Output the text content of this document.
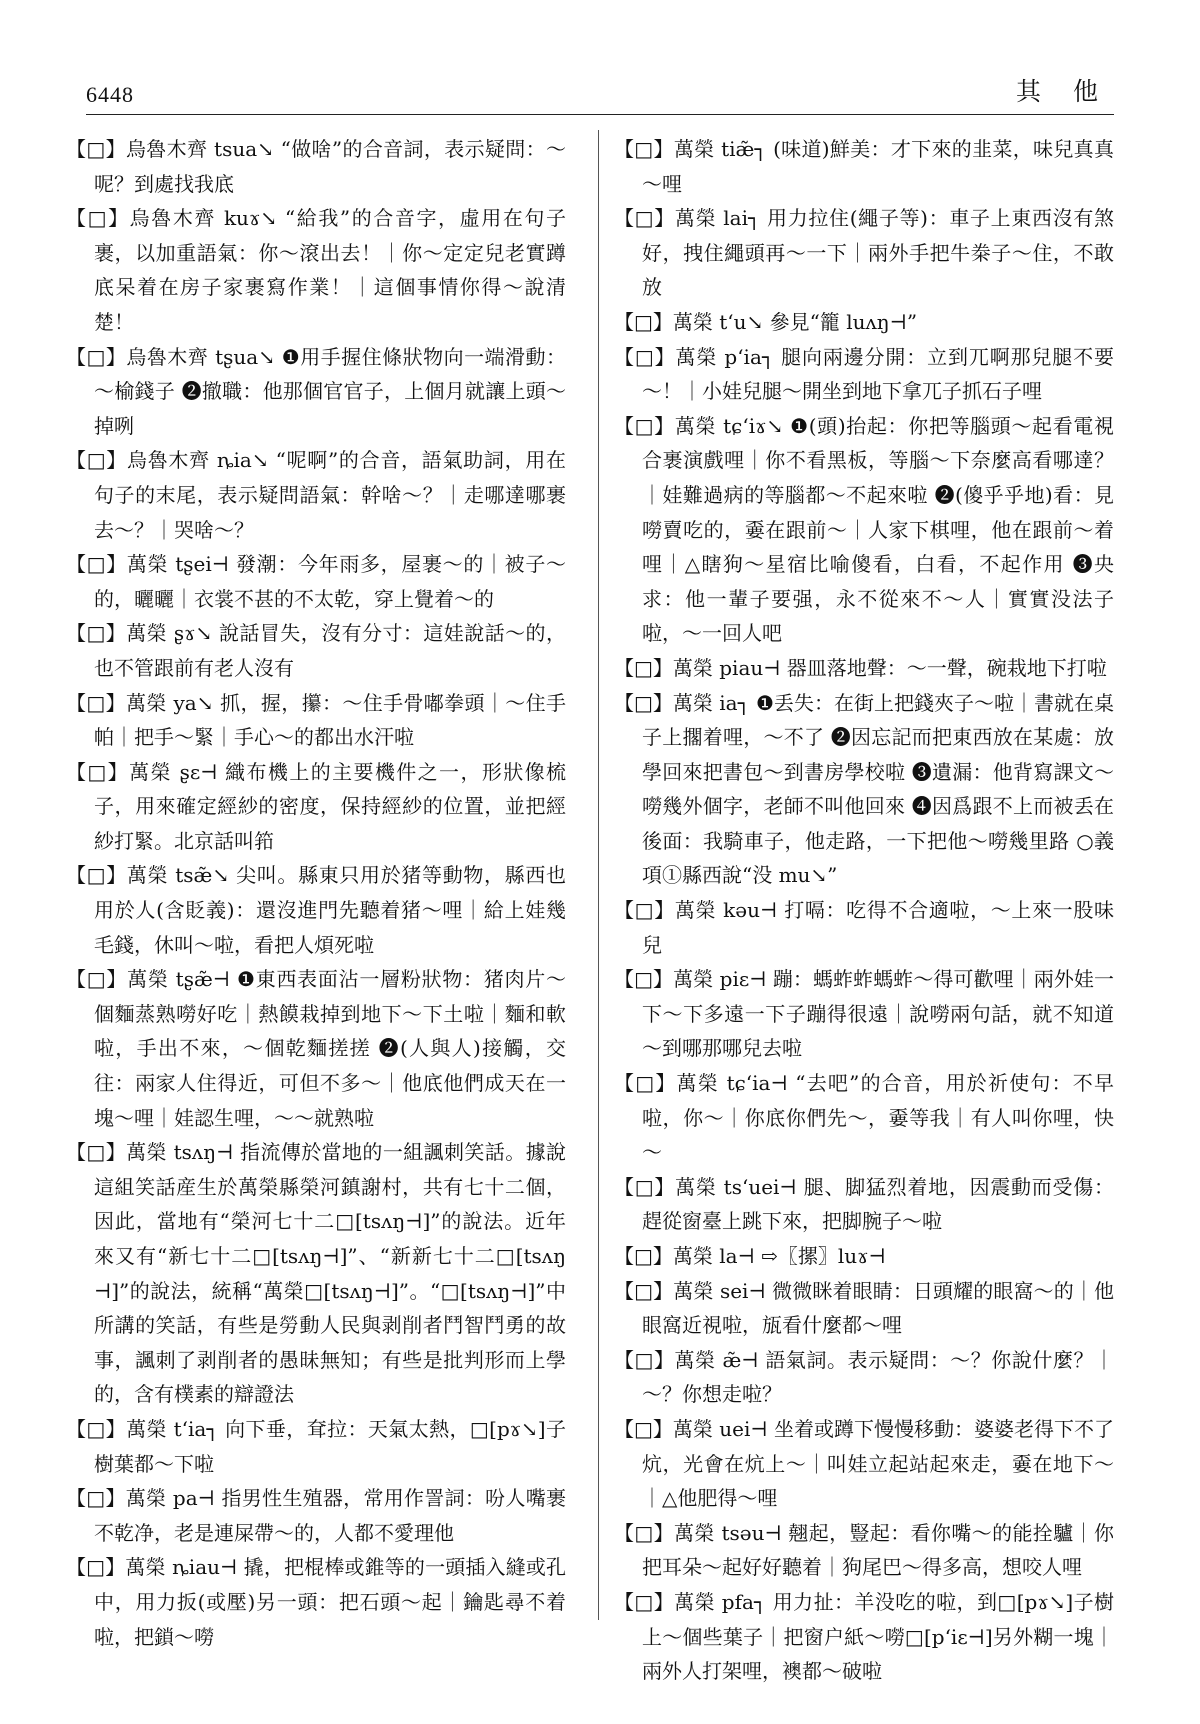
6448	其 他

【□】烏魯木齊 tsua↘ “做啥”的合音詞，表示疑問：～呢？到處找我底

【□】烏魯木齊 kuɤ↘ “給我”的合音字，虛用在句子裹，以加重語氣：你～滾出去！｜你～定定兒老實蹲底呆着在房子家裹寫作業！｜這個事情你得～說清楚！

【□】烏魯木齊 tʂua↘ ❶用手握住條狀物向一端滑動：～榆錢子 ❷撤職：他那個官官子，上個月就讓上頭～掉咧

【□】烏魯木齊 ȵia↘ “呢啊”的合音，語氣助詞，用在句子的末尾，表示疑問語氣：幹啥～？｜走哪達哪裹去～？｜哭啥～？

【□】萬榮 tʂei⊣ 發潮：今年雨多，屋裹～的｜被子～的，曬曬｜衣裳不甚的不太乾，穿上覺着～的

【□】萬榮 ʂɤ↘ 說話冒失，沒有分寸：這娃說話～的，也不管跟前有老人沒有

【□】萬榮 ya↘ 抓，握，攥：～住手骨嘟拳頭｜～住手帕｜把手～緊｜手心～的都出水汗啦

【□】萬榮 ʂɛ⊣ 織布機上的主要機件之一，形狀像梳子，用來確定經紗的密度，保持經紗的位置，並把經紗打緊。北京話叫筘

【□】萬榮 tsæ̃↘ 尖叫。縣東只用於猪等動物，縣西也用於人(含貶義)：還沒進門先聽着猪～哩｜給上娃幾毛錢，休叫～啦，看把人煩死啦

【□】萬榮 tʂæ̃⊣ ❶東西表面沾一層粉狀物：猪肉片～個麵蒸熟嘮好吃｜熱饃栽掉到地下～下土啦｜麵和軟啦，手出不來，～個乾麵搓搓 ❷(人與人)接觸，交往：兩家人住得近，可但不多～｜他底他們成天在一塊～哩｜娃認生哩，～～就熟啦

【□】萬榮 tsʌŋ⊣ 指流傳於當地的一組諷刺笑話。據說這組笑話産生於萬榮縣榮河鎮謝村，共有七十二個，因此，當地有“榮河七十二□[tsʌŋ⊣]”的說法。近年來又有“新七十二□[tsʌŋ⊣]”、“新新七十二□[tsʌŋ⊣]”的說法，統稱“萬榮□[tsʌŋ⊣]”。“□[tsʌŋ⊣]”中所講的笑話，有些是勞動人民與剥削者鬥智鬥勇的故事，諷刺了剥削者的愚昧無知；有些是批判形而上學的，含有樸素的辯證法

【□】萬榮 tʻia┐ 向下垂，耷拉：天氣太熱，□[pɤ↘]子樹葉都～下啦

【□】萬榮 pa⊣ 指男性生殖器，常用作詈詞：吩人嘴裹不乾净，老是連屎帶～的，人都不愛理他

【□】萬榮 ȵiau⊣ 撬，把棍棒或錐等的一頭插入縫或孔中，用力扳(或壓)另一頭：把石頭～起｜鑰匙尋不着啦，把鎖～嘮

【□】萬榮 tiæ̃┐ (味道)鮮美：才下來的韭菜，味兒真真～哩

【□】萬榮 lai┐ 用力拉住(繩子等)：車子上東西沒有煞好，拽住繩頭再～一下｜兩外手把牛桊子～住，不敢放

【□】萬榮 tʻu↘ 參見“籠 luʌŋ⊣”

【□】萬榮 pʻia┐ 腿向兩邊分開：立到兀啊那兒腿不要～！｜小娃兒腿～開坐到地下拿兀子抓石子哩

【□】萬榮 tɕʻiɤ↘ ❶(頭)抬起：你把等腦頭～起看電視合裹演戲哩｜你不看黑板，等腦～下奈麼高看哪達？｜娃難過病的等腦都～不起來啦 ❷(傻乎乎地)看：見嘮賣吃的，嫑在跟前～｜人家下棋哩，他在跟前～着哩｜△瞎狗～星宿比喻傻看，白看，不起作用 ❸央求：他一輩子要强，永不從來不～人｜實實没法子啦，～一回人吧

【□】萬榮 piau⊣ 器皿落地聲：～一聲，碗栽地下打啦

【□】萬榮 ia┐ ❶丢失：在街上把錢夾子～啦｜書就在桌子上擱着哩，～不了 ❷因忘記而把東西放在某處：放學回來把書包～到書房學校啦 ❸遺漏：他背寫課文～嘮幾外個字，老師不叫他回來 ❹因爲跟不上而被丢在後面：我騎車子，他走路，一下把他～嘮幾里路 ○義項①縣西說“没 mu↘”

【□】萬榮 kəu⊣ 打嗝：吃得不合適啦，～上來一股味兒

【□】萬榮 piɛ⊣ 蹦：螞蚱蚱螞蚱～得可歡哩｜兩外娃一下～下多遠一下子蹦得很遠｜說嘮兩句話，就不知道～到哪那哪兒去啦

【□】萬榮 tɕʻia⊣ “去吧”的合音，用於祈使句：不早啦，你～｜你底你們先～，嫑等我｜有人叫你哩，快～

【□】萬榮 tsʻuei⊣ 腿、脚猛烈着地，因震動而受傷：趕從窗臺上跳下來，把脚腕子～啦

【□】萬榮 la⊣ ⇨〖摞〗luɤ⊣

【□】萬榮 sei⊣ 微微眯着眼睛：日頭耀的眼窩～的｜他眼窩近視啦，瓬看什麼都～哩

【□】萬榮 æ̃⊣ 語氣詞。表示疑問：～？你說什麼？｜～？你想走啦？

【□】萬榮 uei⊣ 坐着或蹲下慢慢移動：婆婆老得下不了炕，光會在炕上～｜叫娃立起站起來走，嫑在地下～｜△他肥得～哩

【□】萬榮 tsəu⊣ 翹起，豎起：看你嘴～的能拴驢｜你把耳朵～起好好聽着｜狗尾巴～得多高，想咬人哩

【□】萬榮 pfa┐ 用力扯：羊没吃的啦，到□[pɤ↘]子樹上～個些葉子｜把窗户紙～嘮□[pʻiɛ⊣]另外糊一塊｜兩外人打架哩，襖都～破啦
